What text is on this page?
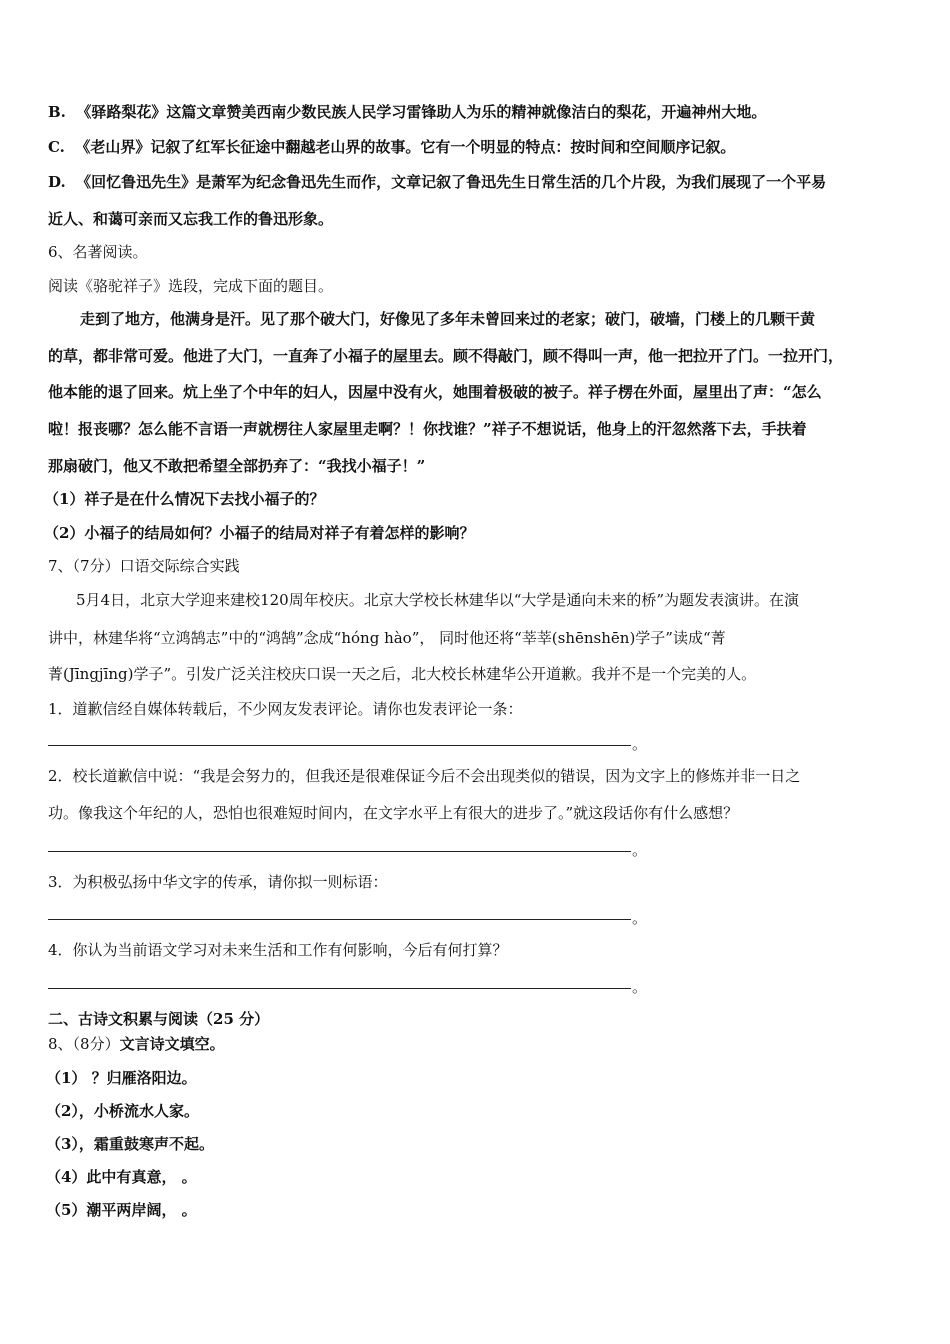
B. 《驿路梨花》这篇文章赞美西南少数民族人民学习雷锋助人为乐的精神就像洁白的梨花，开遍神州大地。
C. 《老山界》记叙了红军长征途中翻越老山界的故事。它有一个明显的特点：按时间和空间顺序记叙。
D. 《回忆鲁迅先生》是萧军为纪念鲁迅先生而作，文章记叙了鲁迅先生日常生活的几个片段，为我们展现了一个平易
近人、和蔼可亲而又忘我工作的鲁迅形象。
6、名著阅读。
阅读《骆驼祥子》选段，完成下面的题目。
走到了地方，他满身是汗。见了那个破大门，好像见了多年未曾回来过的老家；破门，破墙，门楼上的几颗干黄
的草，都非常可爱。他进了大门，一直奔了小福子的屋里去。顾不得敲门，顾不得叫一声，他一把拉开了门。一拉开门，
他本能的退了回来。炕上坐了个中年的妇人，因屋中没有火，她围着极破的被子。祥子楞在外面，屋里出了声：“怎么
啦！报丧哪？怎么能不言语一声就楞往人家屋里走啊？！你找谁？”祥子不想说话，他身上的汗忽然落下去，手扶着
那扇破门，他又不敢把希望全部扔弃了：“我找小福子！”
（1）祥子是在什么情况下去找小福子的？
（2）小福子的结局如何？小福子的结局对祥子有着怎样的影响？
7、（7分）口语交际综合实践
5月4日，北京大学迎来建校120周年校庆。北京大学校长林建华以“大学是通向未来的桥”为题发表演讲。在演
讲中，林建华将“立鸿鹄志”中的“鸿鹄”念成“hóng hào”， 同时他还将“莘莘(shēnshēn)学子”读成“菁
菁(Jīngjīng)学子”。引发广泛关注校庆口误一天之后，北大校长林建华公开道歉。我并不是一个完美的人。
1．道歉信经自媒体转载后，不少网友发表评论。请你也发表评论一条：
。
2．校长道歉信中说：“我是会努力的，但我还是很难保证今后不会出现类似的错误，因为文字上的修炼并非一日之
功。像我这个年纪的人，恐怕也很难短时间内，在文字水平上有很大的进步了。”就这段话你有什么感想？
。
3．为积极弘扬中华文字的传承，请你拟一则标语：
。
4．你认为当前语文学习对未来生活和工作有何影响，今后有何打算？
。
二、古诗文积累与阅读（25 分）
8、（8分）文言诗文填空。
（1） ？归雁洛阳边。
（2），小桥流水人家。
（3），霜重鼓寒声不起。
（4）此中有真意， 。
（5）潮平两岸阔， 。
